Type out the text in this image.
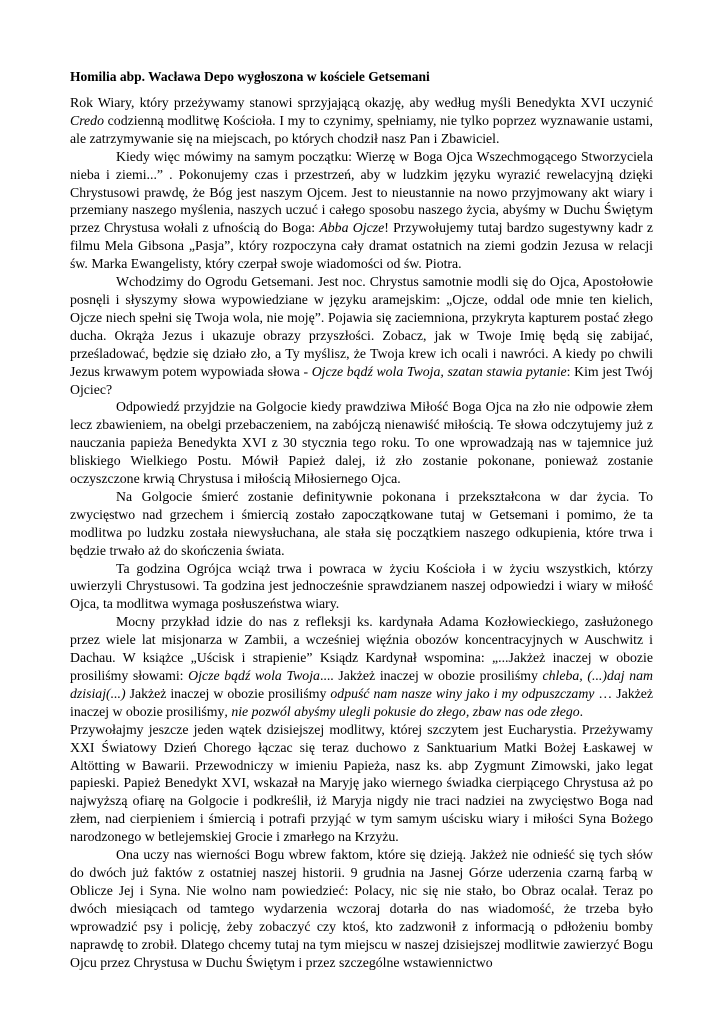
Homilia abp. Wacława Depo wygłoszona w kościele Getsemani

Rok Wiary, który przeżywamy stanowi sprzyjającą okazję, aby według myśli Benedykta XVI uczynić Credo codzienną modlitwę Kościoła. I my to czynimy, spełniamy, nie tylko poprzez wyznawanie ustami, ale zatrzymywanie się na miejscach, po których chodził nasz Pan i Zbawiciel.

Kiedy więc mówimy na samym początku: Wierzę w Boga Ojca Wszechmogącego Stworzyciela nieba i ziemi...” . Pokonujemy czas i przestrzeń, aby w ludzkim języku wyrazić rewelacyjną dzięki Chrystusowi prawdę, że Bóg jest naszym Ojcem. Jest to nieustannie na nowo przyjmowany akt wiary i przemiany naszego myślenia, naszych uczuć i całego sposobu naszego życia, abyśmy w Duchu Świętym przez Chrystusa wołali z ufnością do Boga: Abba Ojcze! Przywołujemy tutaj bardzo sugestywny kadr z filmu Mela Gibsona „Pasja”, który rozpoczyna cały dramat ostatnich na ziemi godzin Jezusa w relacji św. Marka Ewangelisty, który czerpał swoje wiadomości od św. Piotra.

Wchodzimy do Ogrodu Getsemani. Jest noc. Chrystus samotnie modli się do Ojca, Apostołowie posnęli i słyszymy słowa wypowiedziane w języku aramejskim: „Ojcze, oddal ode mnie ten kielich, Ojcze niech spełni się Twoja wola, nie moję”. Pojawia się zaciemniona, przykryta kapturem postać złego ducha. Okrąża Jezus i ukazuje obrazy przyszłości. Zobacz, jak w Twoje Imię będą się zabijać, prześladować, będzie się działo zło, a Ty myślisz, że Twoja krew ich ocali i nawróci. A kiedy po chwili Jezus krwawym potem wypowiada słowa - Ojcze bądź wola Twoja, szatan stawia pytanie: Kim jest Twój Ojciec?

Odpowiedź przyjdzie na Golgocie kiedy prawdziwa Miłość Boga Ojca na zło nie odpowie złem lecz zbawieniem, na obelgi przebaczeniem, na zabójczą nienawiść miłością. Te słowa odczytujemy już z nauczania papieża Benedykta XVI z 30 stycznia tego roku. To one wprowadzają nas w tajemnice już bliskiego Wielkiego Postu. Mówił Papież dalej, iż zło zostanie pokonane, ponieważ zostanie oczyszczone krwią Chrystusa i miłością Miłosiernego Ojca.

Na Golgocie śmierć zostanie definitywnie pokonana i przekształcona w dar życia. To zwycięstwo nad grzechem i śmiercią zostało zapoczątkowane tutaj w Getsemani i pomimo, że ta modlitwa po ludzku została niewysłuchana, ale stała się początkiem naszego odkupienia, które trwa i będzie trwało aż do skończenia świata.

Ta godzina Ogrójca wciąż trwa i powraca w życiu Kościoła i w życiu wszystkich, którzy uwierzyli Chrystusowi. Ta godzina jest jednocześnie sprawdzianem naszej odpowiedzi i wiary w miłość Ojca, ta modlitwa wymaga posłuszeństwa wiary.

Mocny przykład idzie do nas z refleksji ks. kardynała Adama Kozłowieckiego, zasłużonego przez wiele lat misjonarza w Zambii, a wcześniej więźnia obozów koncentracyjnych w Auschwitz i Dachau. W książce „Uścisk i strapienie” Ksiądz Kardynał wspomina: „...Jakżeż inaczej w obozie prosiliśmy słowami: Ojcze bądź wola Twoja.... Jakżeż inaczej w obozie prosiliśmy chleba, (...)daj nam dzisiaj(...) Jakżeż inaczej w obozie prosiliśmy odpuść nam nasze winy jako i my odpuszczamy … Jakżeż inaczej w obozie prosiliśmy, nie pozwól abyśmy ulegli pokusie do złego, zbaw nas ode złego.

Przywołajmy jeszcze jeden wątek dzisiejszej modlitwy, której szczytem jest Eucharystia. Przeżywamy XXI Światowy Dzień Chorego łączac się teraz duchowo z Sanktuarium Matki Bożej Łaskawej w Altötting w Bawarii. Przewodniczy w imieniu Papieża, nasz ks. abp Zygmunt Zimowski, jako legat papieski. Papież Benedykt XVI, wskazał na Maryję jako wiernego świadka cierpiącego Chrystusa aż po najwyższą ofiarę na Golgocie i podkreślił, iż Maryja nigdy nie traci nadziei na zwycięstwo Boga nad złem, nad cierpieniem i śmiercią i potrafi przyjąć w tym samym uścisku wiary i miłości Syna Bożego narodzonego w betlejemskiej Grocie i zmarłego na Krzyżu.

Ona uczy nas wierności Bogu wbrew faktom, które się dzieją. Jakżeż nie odnieść się tych słów do dwóch już faktów z ostatniej naszej historii. 9 grudnia na Jasnej Górze uderzenia czarną farbą w Oblicze Jej i Syna. Nie wolno nam powiedzieć: Polacy, nic się nie stało, bo Obraz ocalał. Teraz po dwóch miesiącach od tamtego wydarzenia wczoraj dotarła do nas wiadomość, że trzeba było wprowadzić psy i policję, żeby zobaczyć czy ktoś, kto zadzwonił z informacją o pdłożeniu bomby naprawdę to zrobił. Dlatego chcemy tutaj na tym miejscu w naszej dzisiejszej modlitwie zawierzyć Bogu Ojcu przez Chrystusa w Duchu Świętym i przez szczególne wstawiennictwo
